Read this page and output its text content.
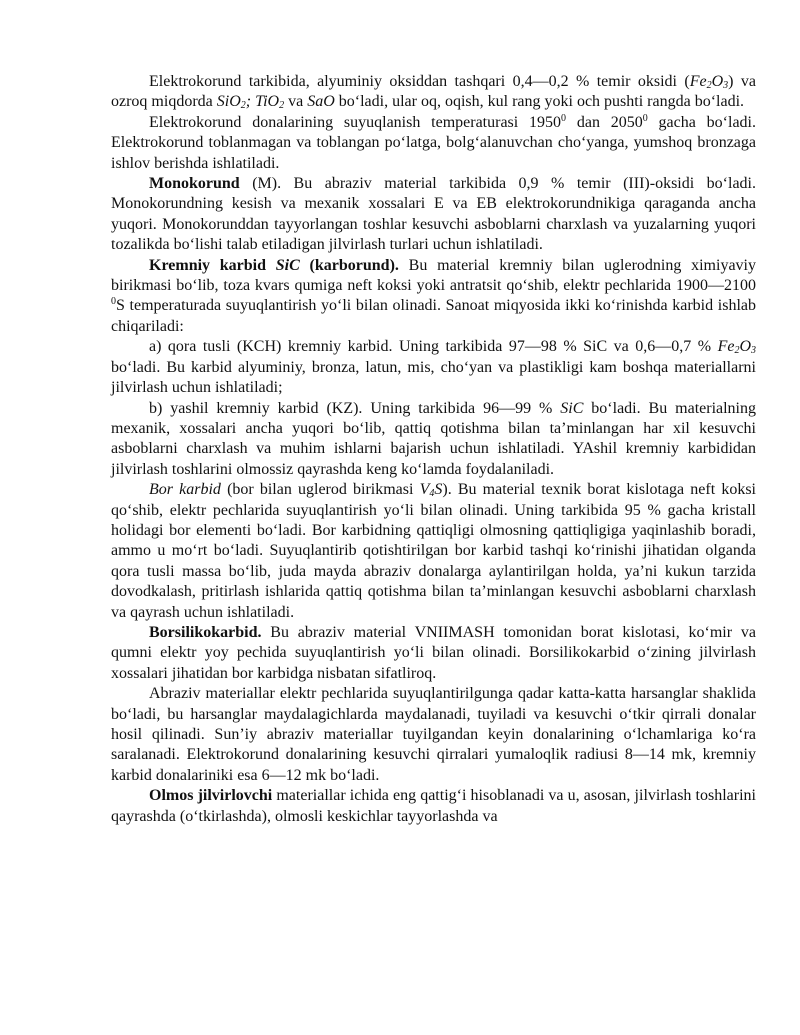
Elektrokorund tarkibida, alyuminiy oksiddan tashqari 0,4—0,2 % temir oksidi $(Fe_2O_3)$ va ozroq miqdorda SiO$_2$; TiO$_2$ va SaO bo‘ladi, ular oq, oqish, kul rang yoki och pushti rangda bo‘ladi.

Elektrokorund donalarining suyuqlanish temperaturasi 1950$^0$ dan 2050$^0$ gacha bo‘ladi. Elektrokorund toblanmagan va toblangan po‘latga, bolg‘alanuvchan cho‘yanga, yumshoq bronzaga ishlov berishda ishlatiladi.

Monokorund (M). Bu abraziv material tarkibida 0,9 % temir (III)-oksidi bo‘ladi. Monokorundning kesish va mexanik xossalari E va EB elektrokorundnikiga qaraganda ancha yuqori. Monokorunddan tayyorlangan toshlar kesuvchi asboblarni charxlash va yuzalarning yuqori tozalikda bo‘lishi talab etiladigan jilvirlash turlari uchun ishlatiladi.

Kremniy karbid SiC (karborund). Bu material kremniy bilan uglerodning ximiyaviy birikmasi bo‘lib, toza kvars qumiga neft koksi yoki antratsit qo‘shib, elektr pechlarida 1900—2100 $^0$S temperaturada suyuqlantirish yo‘li bilan olinadi. Sanoat miqyosida ikki ko‘rinishda karbid ishlab chiqariladi:

a) qora tusli (KCH) kremniy karbid. Uning tarkibida 97—98 % SiC va 0,6—0,7 % $Fe_2O_3$ bo‘ladi. Bu karbid alyuminiy, bronza, latun, mis, cho‘yan va plastikligi kam boshqa materiallarni jilvirlash uchun ishlatiladi;

b) yashil kremniy karbid (KZ). Uning tarkibida 96—99 % SiC bo‘ladi. Bu materialning mexanik, xossalari ancha yuqori bo‘lib, qattiq qotishma bilan ta’minlangan har xil kesuvchi asboblarni charxlash va muhim ishlarni bajarish uchun ishlatiladi. YAshil kremniy karbididan jilvirlash toshlarini olmossiz qayrashda keng ko‘lamda foydalaniladi.

Bor karbid (bor bilan uglerod birikmasi $V_4S$). Bu material texnik borat kislotaga neft koksi qo‘shib, elektr pechlarida suyuqlantirish yo‘li bilan olinadi. Uning tarkibida 95 % gacha kristall holidagi bor elementi bo‘ladi. Bor karbidning qattiqligi olmosning qattiqligiga yaqinlashib boradi, ammo u mo‘rt bo‘ladi. Suyuqlantirib qotishtirilgan bor karbid tashqi ko‘rinishi jihatidan olganda qora tusli massa bo‘lib, juda mayda abraziv donalarga aylantirilgan holda, ya’ni kukun tarzida dovodkalash, pritirlash ishlarida qattiq qotishma bilan ta’minlangan kesuvchi asboblarni charxlash va qayrash uchun ishlatiladi.

Borsilikokarbid. Bu abraziv material VNIIMASH tomonidan borat kislotasi, ko‘mir va qumni elektr yoy pechida suyuqlantirish yo‘li bilan olinadi. Borsilikokarbid o‘zining jilvirlash xossalari jihatidan bor karbidga nisbatan sifatliroq.

Abraziv materiallar elektr pechlarida suyuqlantirilgunga qadar katta-katta harsanglar shaklida bo‘ladi, bu harsanglar maydalagichlarda maydalanadi, tuyiladi va kesuvchi o‘tkir qirrali donalar hosil qilinadi. Sun’iy abraziv materiallar tuyilgandan keyin donalarining o‘lchamlariga ko‘ra saralanadi. Elektrokorund donalarining kesuvchi qirralari yumaloqlik radiusi 8—14 mk, kremniy karbid donalariniki esa 6—12 mk bo‘ladi.

Olmos jilvirlovchi materiallar ichida eng qattig‘i hisoblanadi va u, asosan, jilvirlash toshlarini qayrashda (o‘tkirlashda), olmosli keskichlar tayyorlashda va
